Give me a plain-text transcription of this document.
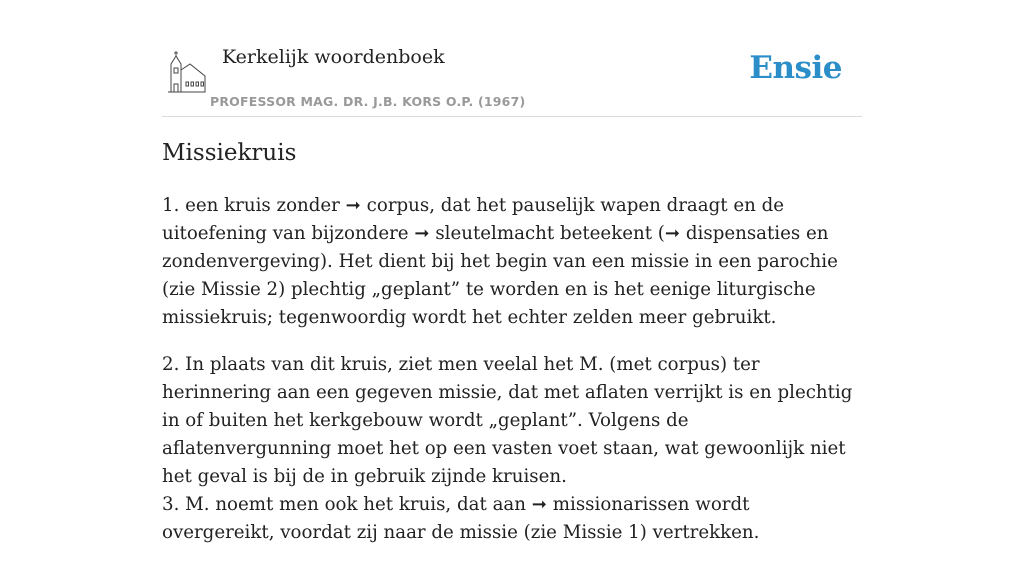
Kerkelijk woordenboek
PROFESSOR MAG. DR. J.B. KORS O.P. (1967)
Ensie
Missiekruis

1. een kruis zonder ➞ corpus, dat het pauselijk wapen draagt en de uitoefening van bijzondere ➞ sleutelmacht beteekent (➞ dispensaties en zondenvergeving). Het dient bij het begin van een missie in een parochie (zie Missie 2) plechtig „geplant” te worden en is het eenige liturgische missiekruis; tegenwoordig wordt het echter zelden meer gebruikt.

2. In plaats van dit kruis, ziet men veelal het M. (met corpus) ter herinnering aan een gegeven missie, dat met aflaten verrijkt is en plechtig in of buiten het kerkgebouw wordt „geplant”. Volgens de aflatenvergunning moet het op een vasten voet staan, wat gewoonlijk niet het geval is bij de in gebruik zijnde kruisen.
3. M. noemt men ook het kruis, dat aan ➞ missionarissen wordt overgereikt, voordat zij naar de missie (zie Missie 1) vertrekken.
